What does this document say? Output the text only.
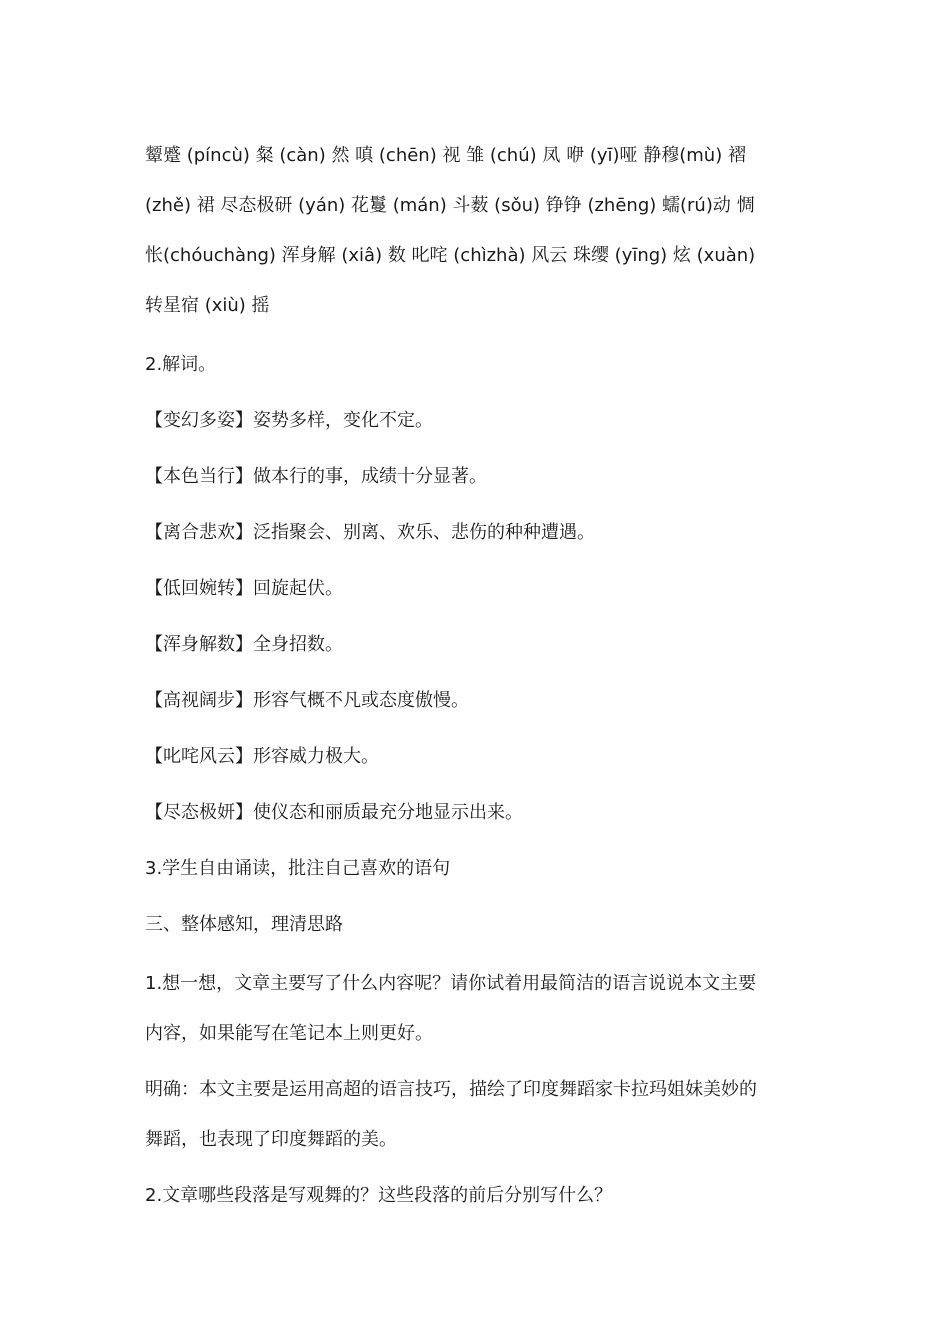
颦蹙 (píncù) 粲 (càn) 然 嗔 (chēn) 视 雏 (chú) 凤 咿 (yī)哑 静穆(mù) 褶
(zhě) 裙 尽态极研 (yán) 花鬘 (mán) 斗薮 (sǒu) 铮铮 (zhēng) 蠕(rú)动 惆
怅(chóuchàng) 浑身解 (xiâ) 数 叱咤 (chìzhà) 风云 珠缨 (yīng) 炫 (xuàn)
转星宿 (xiù) 摇
2.解词。
【变幻多姿】姿势多样，变化不定。
【本色当行】做本行的事，成绩十分显著。
【离合悲欢】泛指聚会、别离、欢乐、悲伤的种种遭遇。
【低回婉转】回旋起伏。
【浑身解数】全身招数。
【高视阔步】形容气概不凡或态度傲慢。
【叱咤风云】形容威力极大。
【尽态极妍】使仪态和丽质最充分地显示出来。
3.学生自由诵读，批注自己喜欢的语句
三、整体感知，理清思路
1.想一想，文章主要写了什么内容呢？请你试着用最简洁的语言说说本文主要
内容，如果能写在笔记本上则更好。
明确：本文主要是运用高超的语言技巧，描绘了印度舞蹈家卡拉玛姐妹美妙的
舞蹈，也表现了印度舞蹈的美。
2.文章哪些段落是写观舞的？这些段落的前后分别写什么？
